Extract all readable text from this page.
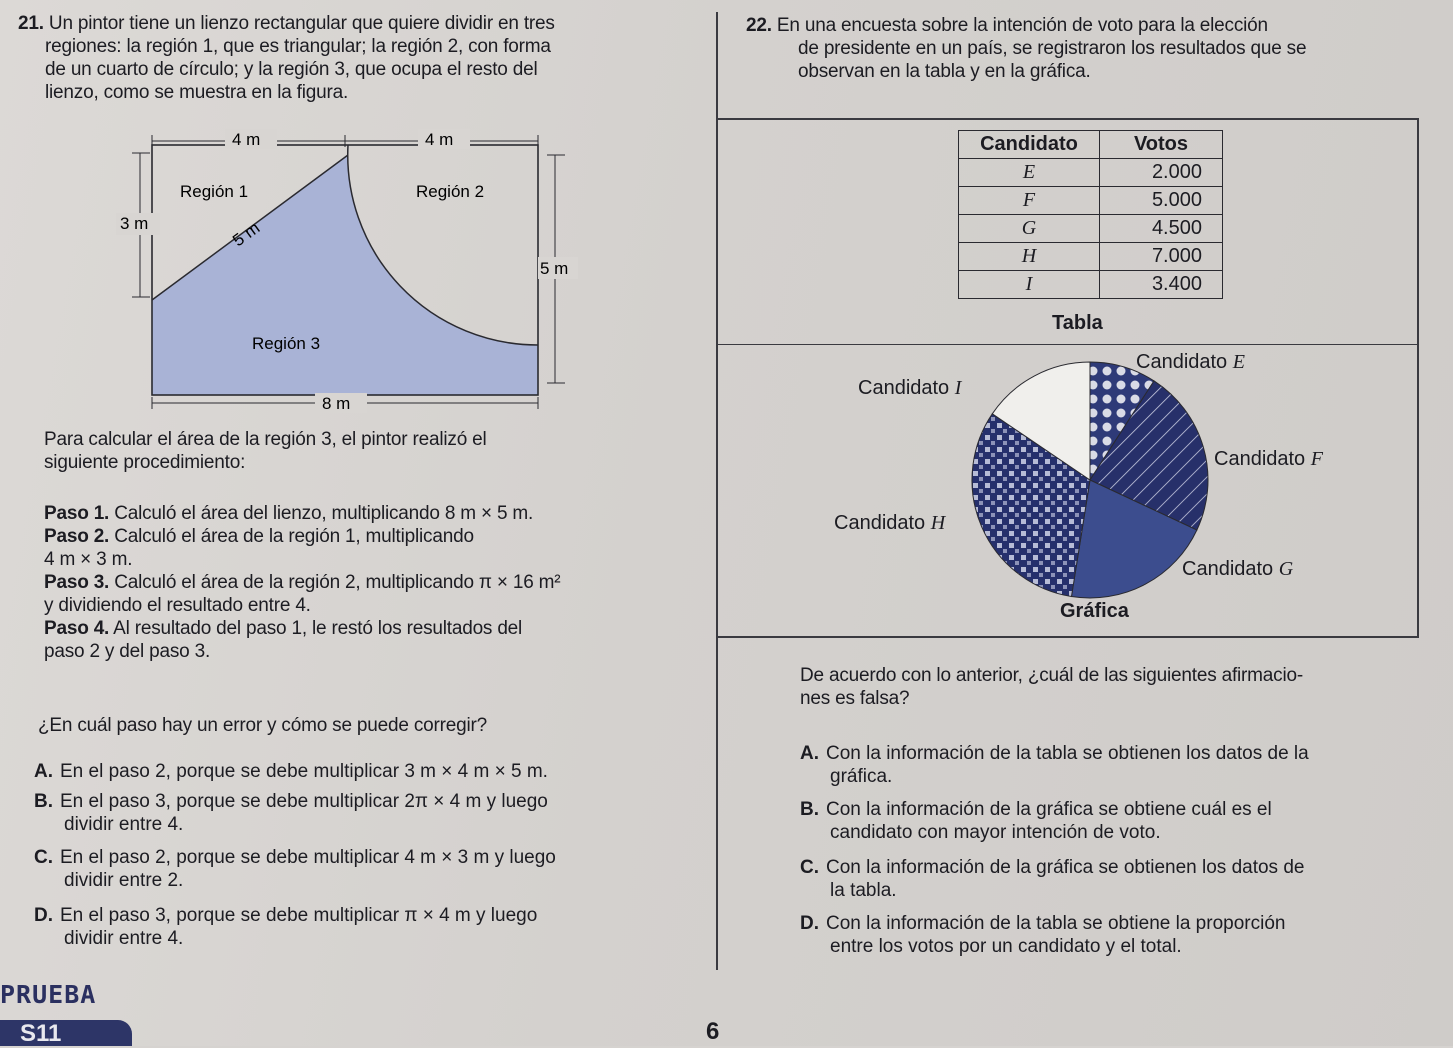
21. Un pintor tiene un lienzo rectangular que quiere dividir en tres
regiones: la región 1, que es triangular; la región 2, con forma
de un cuarto de círculo; y la región 3, que ocupa el resto del
lienzo, como se muestra en la figura.
4 m	4 m
3 m
5 m
8 m
5 m
Región 1	Región 2
Región 3
Para calcular el área de la región 3, el pintor realizó el
siguiente procedimiento:
Paso 1. Calculó el área del lienzo, multiplicando 8 m × 5 m.
Paso 2. Calculó el área de la región 1, multiplicando
4 m × 3 m.
Paso 3. Calculó el área de la región 2, multiplicando π × 16 m²
y dividiendo el resultado entre 4.
Paso 4. Al resultado del paso 1, le restó los resultados del
paso 2 y del paso 3.
¿En cuál paso hay un error y cómo se puede corregir?
A. En el paso 2, porque se debe multiplicar 3 m × 4 m × 5 m.
B. En el paso 3, porque se debe multiplicar 2π × 4 m y luego
dividir entre 4.
C. En el paso 2, porque se debe multiplicar 4 m × 3 m y luego
dividir entre 2.
D. En el paso 3, porque se debe multiplicar π × 4 m y luego
dividir entre 4.
22. En una encuesta sobre la intención de voto para la elección
de presidente en un país, se registraron los resultados que se
observan en la tabla y en la gráfica.
Candidato	Votos
E	2.000
F	5.000
G	4.500
H	7.000
I	3.400
Tabla
Candidato E
Candidato I
Candidato F
Candidato H
Candidato G
Gráfica
De acuerdo con lo anterior, ¿cuál de las siguientes afirmacio-
nes es falsa?
A. Con la información de la tabla se obtienen los datos de la
gráfica.
B. Con la información de la gráfica se obtiene cuál es el
candidato con mayor intención de voto.
C. Con la información de la gráfica se obtienen los datos de
la tabla.
D. Con la información de la tabla se obtiene la proporción
entre los votos por un candidato y el total.
PRUEBA
S11	6
